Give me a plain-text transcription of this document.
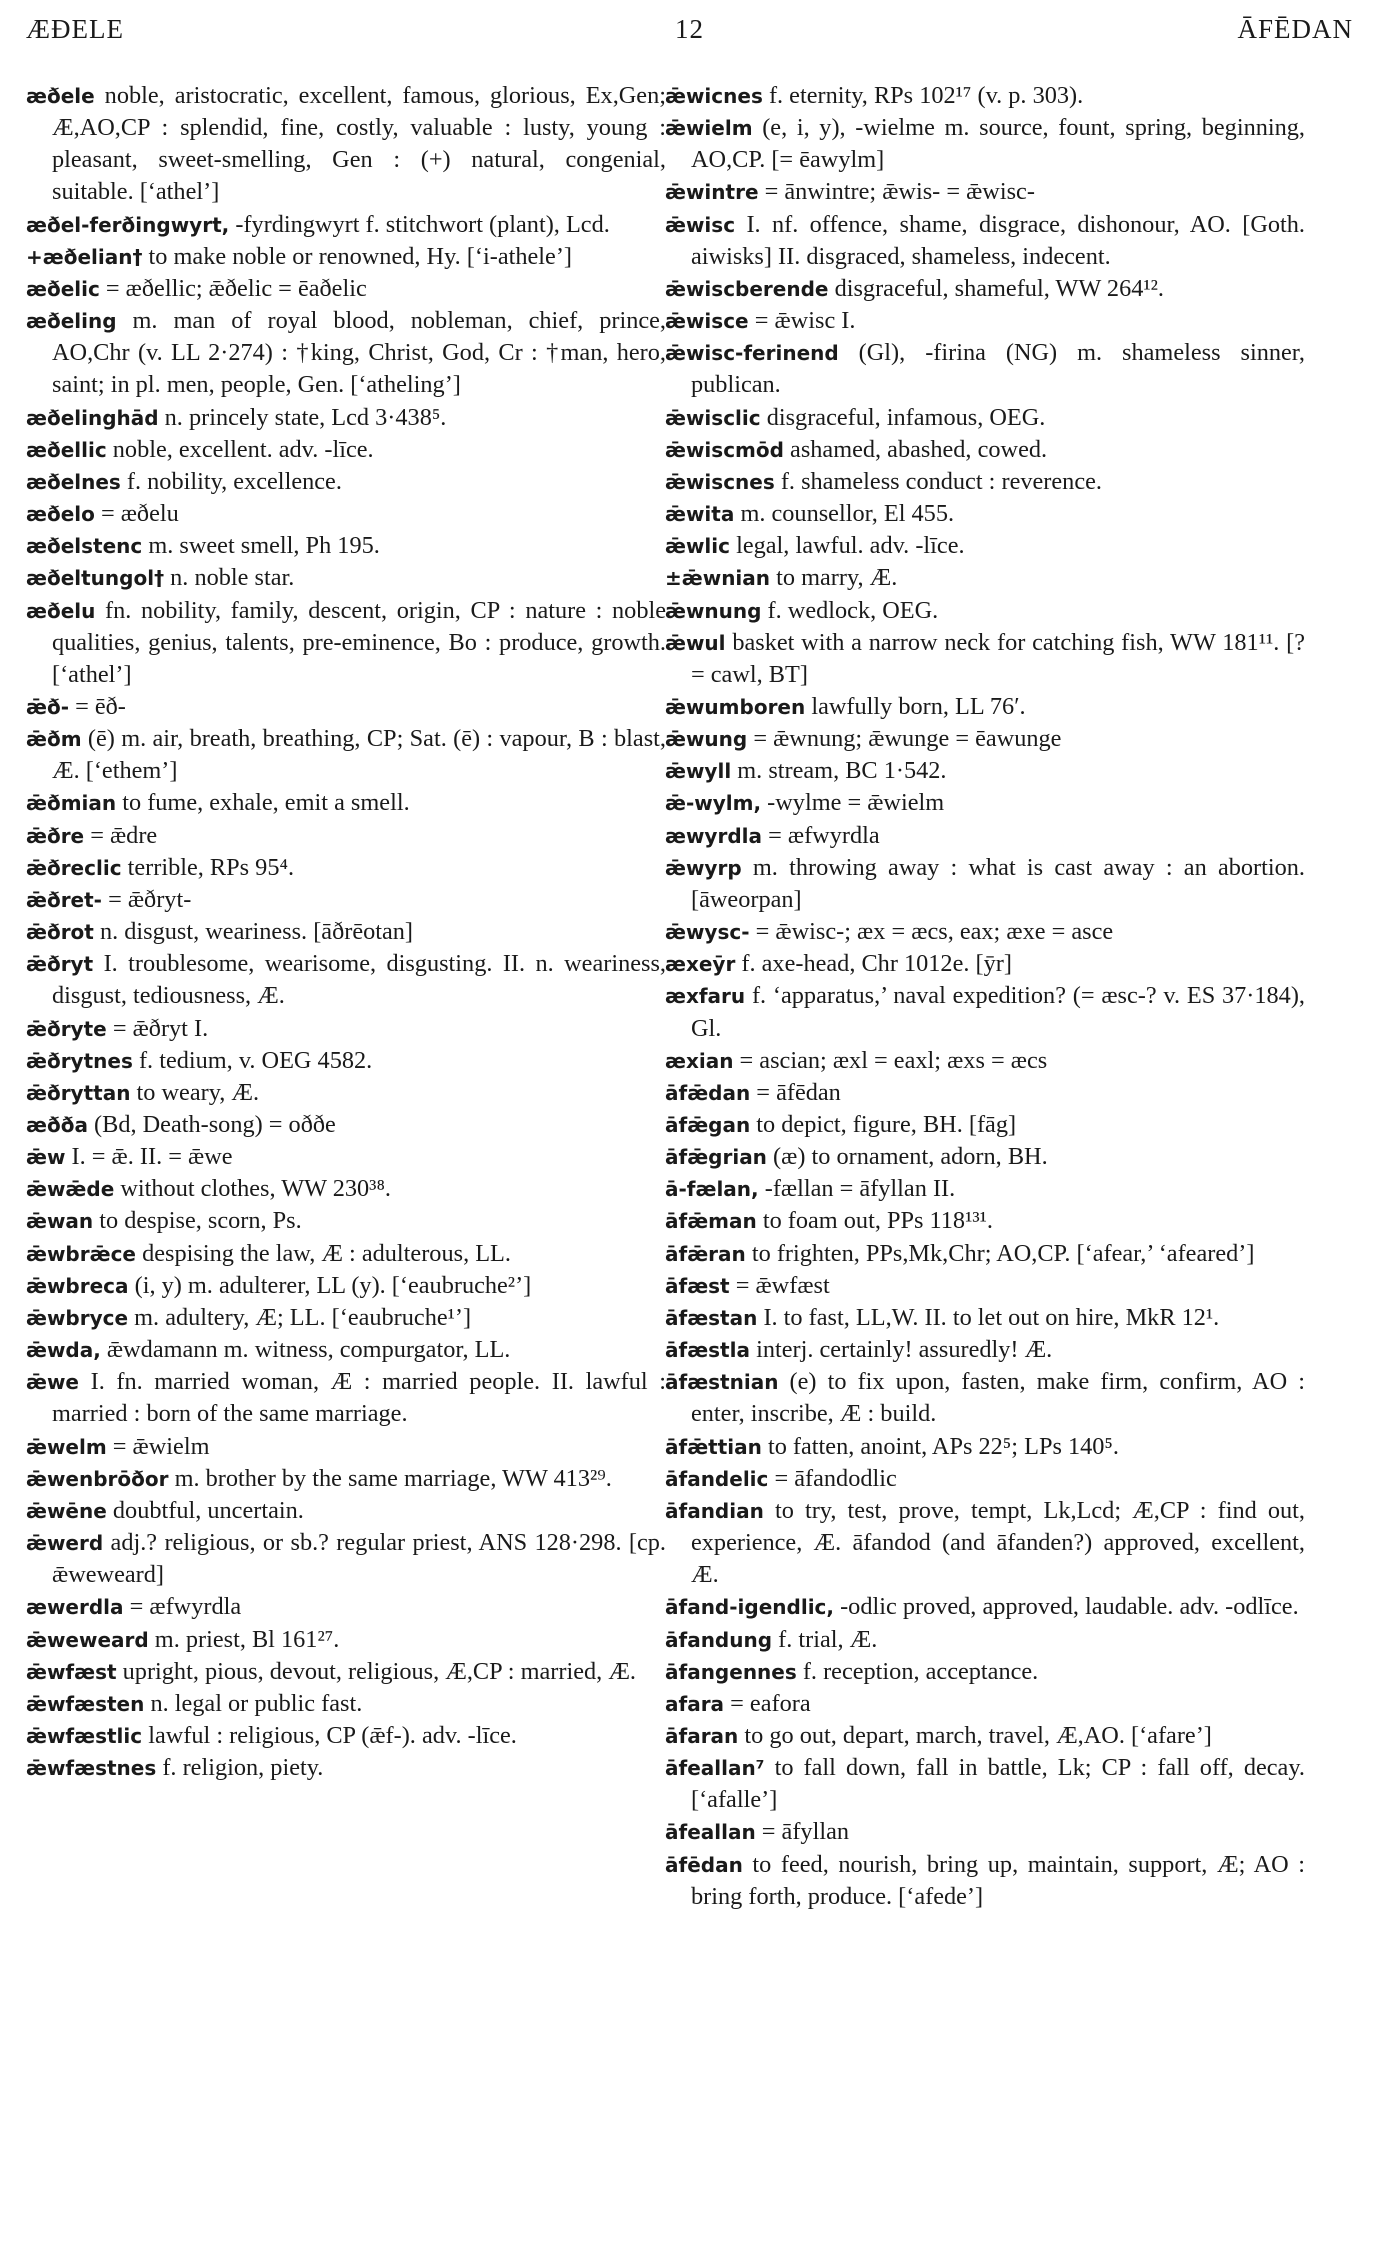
ÆÐELE	12	ĀFĒDAN

æðele noble, aristocratic, excellent, famous, glorious, Ex,Gen; Æ,AO,CP : splendid, fine, costly, valuable : lusty, young : pleasant, sweet-smelling, Gen : (+) natural, congenial, suitable. [‘athel’]

æðel-ferðingwyrt, -fyrdingwyrt f. stitchwort (plant), Lcd.

+æðelian† to make noble or renowned, Hy. [‘i-athele’]

æðelic = æðellic; ǣðelic = ēaðelic

æðeling m. man of royal blood, nobleman, chief, prince, AO,Chr (v. LL 2·274) : †king, Christ, God, Cr : †man, hero, saint; in pl. men, people, Gen. [‘atheling’]

æðelinghād n. princely state, Lcd 3·438⁵.

æðellic noble, excellent. adv. -līce.

æðelnes f. nobility, excellence.

æðelo = æðelu

æðelstenc m. sweet smell, Ph 195.

æðeltungol† n. noble star.

æðelu fn. nobility, family, descent, origin, CP : nature : noble qualities, genius, talents, pre-eminence, Bo : produce, growth. [‘athel’]

ǣð- = ēð-

ǣðm (ē) m. air, breath, breathing, CP; Sat. (ē) : vapour, B : blast, Æ. [‘ethem’]

ǣðmian to fume, exhale, emit a smell.

ǣðre = ǣdre

ǣðreclic terrible, RPs 95⁴.

ǣðret- = ǣðryt-

ǣðrot n. disgust, weariness. [āðrēotan]

ǣðryt I. troublesome, wearisome, disgusting. II. n. weariness, disgust, tediousness, Æ.

ǣðryte = ǣðryt I.

ǣðrytnes f. tedium, v. OEG 4582.

ǣðryttan to weary, Æ.

æðða (Bd, Death-song) = oððe

ǣw I. = ǣ. II. = ǣwe

ǣwǣde without clothes, WW 230³⁸.

ǣwan to despise, scorn, Ps.

ǣwbrǣce despising the law, Æ : adulterous, LL.

ǣwbreca (i, y) m. adulterer, LL (y). [‘eaubruche²’]

ǣwbryce m. adultery, Æ; LL. [‘eaubruche¹’]

ǣwda, ǣwdamann m. witness, compurgator, LL.

ǣwe I. fn. married woman, Æ : married people. II. lawful : married : born of the same marriage.

ǣwelm = ǣwielm

ǣwenbrōðor m. brother by the same marriage, WW 413²⁹.

ǣwēne doubtful, uncertain.

ǣwerd adj.? religious, or sb.? regular priest, ANS 128·298. [cp. ǣweweard]

æwerdla = æfwyrdla

ǣweweard m. priest, Bl 161²⁷.

ǣwfæst upright, pious, devout, religious, Æ,CP : married, Æ.

ǣwfæsten n. legal or public fast.

ǣwfæstlic lawful : religious, CP (ǣf-). adv. -līce.

ǣwfæstnes f. religion, piety.

ǣwicnes f. eternity, RPs 102¹⁷ (v. p. 303).

ǣwielm (e, i, y), -wielme m. source, fount, spring, beginning, AO,CP. [= ēawylm]

ǣwintre = ānwintre; ǣwis- = ǣwisc-

ǣwisc I. nf. offence, shame, disgrace, dishonour, AO. [Goth. aiwisks] II. disgraced, shameless, indecent.

ǣwiscberende disgraceful, shameful, WW 264¹².

ǣwisce = ǣwisc I.

ǣwisc-ferinend (Gl), -firina (NG) m. shameless sinner, publican.

ǣwisclic disgraceful, infamous, OEG.

ǣwiscmōd ashamed, abashed, cowed.

ǣwiscnes f. shameless conduct : reverence.

ǣwita m. counsellor, El 455.

ǣwlic legal, lawful. adv. -līce.

±ǣwnian to marry, Æ.

ǣwnung f. wedlock, OEG.

ǣwul basket with a narrow neck for catching fish, WW 181¹¹. [? = cawl, BT]

ǣwumboren lawfully born, LL 76′.

ǣwung = ǣwnung; ǣwunge = ēawunge

ǣwyll m. stream, BC 1·542.

ǣ-wylm, -wylme = ǣwielm

æwyrdla = æfwyrdla

ǣwyrp m. throwing away : what is cast away : an abortion. [āweorpan]

ǣwysc- = ǣwisc-; æx = æcs, eax; æxe = asce

æxeȳr f. axe-head, Chr 1012e. [ȳr]

æxfaru f. ‘apparatus,’ naval expedition? (= æsc-? v. ES 37·184), Gl.

æxian = ascian; æxl = eaxl; æxs = æcs

āfǣdan = āfēdan

āfǣgan to depict, figure, BH. [fāg]

āfǣgrian (æ) to ornament, adorn, BH.

ā-fælan, -fællan = āfyllan II.

āfǣman to foam out, PPs 118¹³¹.

āfǣran to frighten, PPs,Mk,Chr; AO,CP. [‘afear,’ ‘afeared’]

āfæst = ǣwfæst

āfæstan I. to fast, LL,W. II. to let out on hire, MkR 12¹.

āfæstla interj. certainly! assuredly! Æ.

āfæstnian (e) to fix upon, fasten, make firm, confirm, AO : enter, inscribe, Æ : build.

āfǣttian to fatten, anoint, APs 22⁵; LPs 140⁵.

āfandelic = āfandodlic

āfandian to try, test, prove, tempt, Lk,Lcd; Æ,CP : find out, experience, Æ. āfandod (and āfanden?) approved, excellent, Æ.

āfand-igendlic, -odlic proved, approved, laudable. adv. -odlīce.

āfandung f. trial, Æ.

āfangennes f. reception, acceptance.

afara = eafora

āfaran to go out, depart, march, travel, Æ,AO. [‘afare’]

āfeallan⁷ to fall down, fall in battle, Lk; CP : fall off, decay. [‘afalle’]

āfeallan = āfyllan

āfēdan to feed, nourish, bring up, maintain, support, Æ; AO : bring forth, produce. [‘afede’]
